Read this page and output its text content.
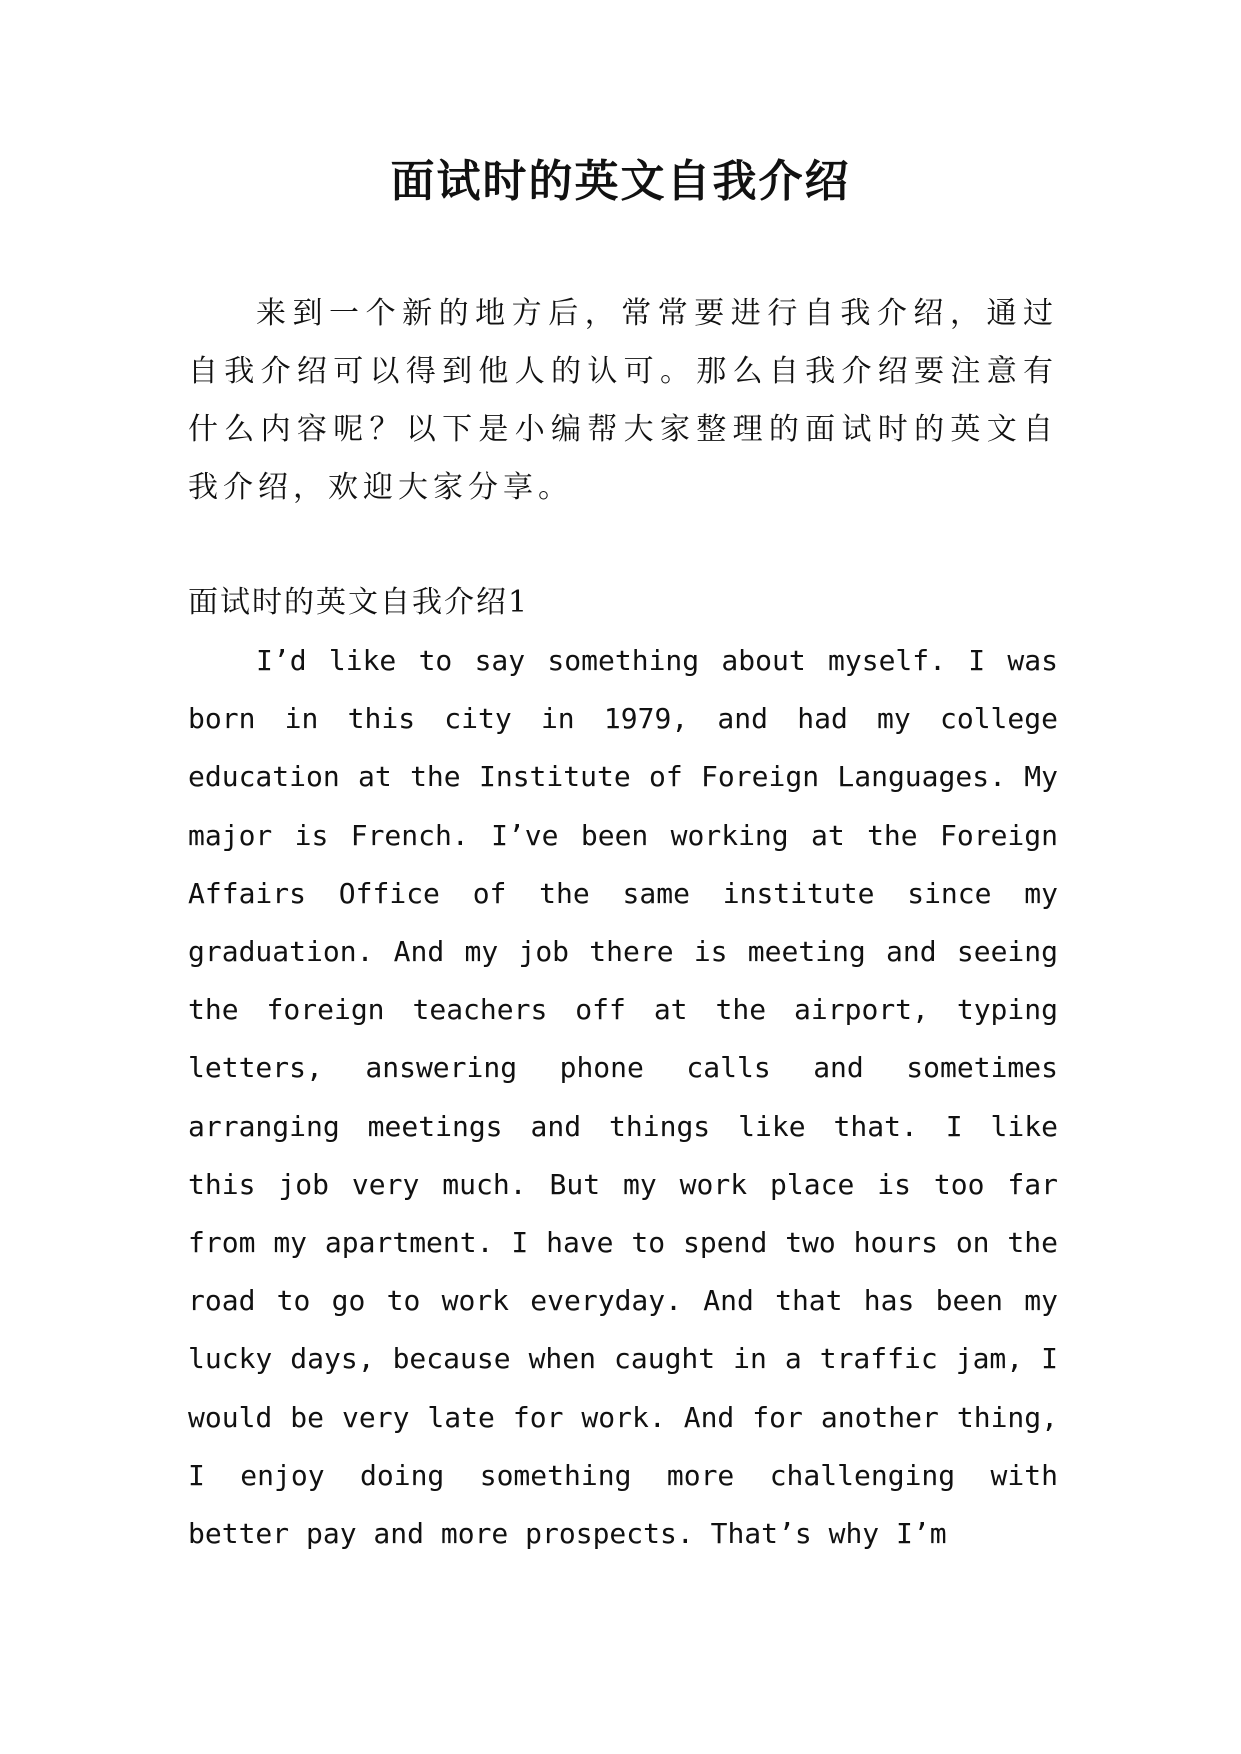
面试时的英文自我介绍

来到一个新的地方后，常常要进行自我介绍，通过自我介绍可以得到他人的认可。那么自我介绍要注意有什么内容呢？以下是小编帮大家整理的面试时的英文自我介绍，欢迎大家分享。

面试时的英文自我介绍1

I’d like to say something about myself. I was born in this city in 1979, and had my college education at the Institute of Foreign Languages. My major is French. I’ve been working at the Foreign Affairs Office of the same institute since my graduation. And my job there is meeting and seeing the foreign teachers off at the airport, typing letters, answering phone calls and sometimes arranging meetings and things like that. I like this job very much. But my work place is too far from my apartment. I have to spend two hours on the road to go to work everyday. And that has been my lucky days, because when caught in a traffic jam, I would be very late for work. And for another thing, I enjoy doing something more challenging with better pay and more prospects. That’s why I’m
